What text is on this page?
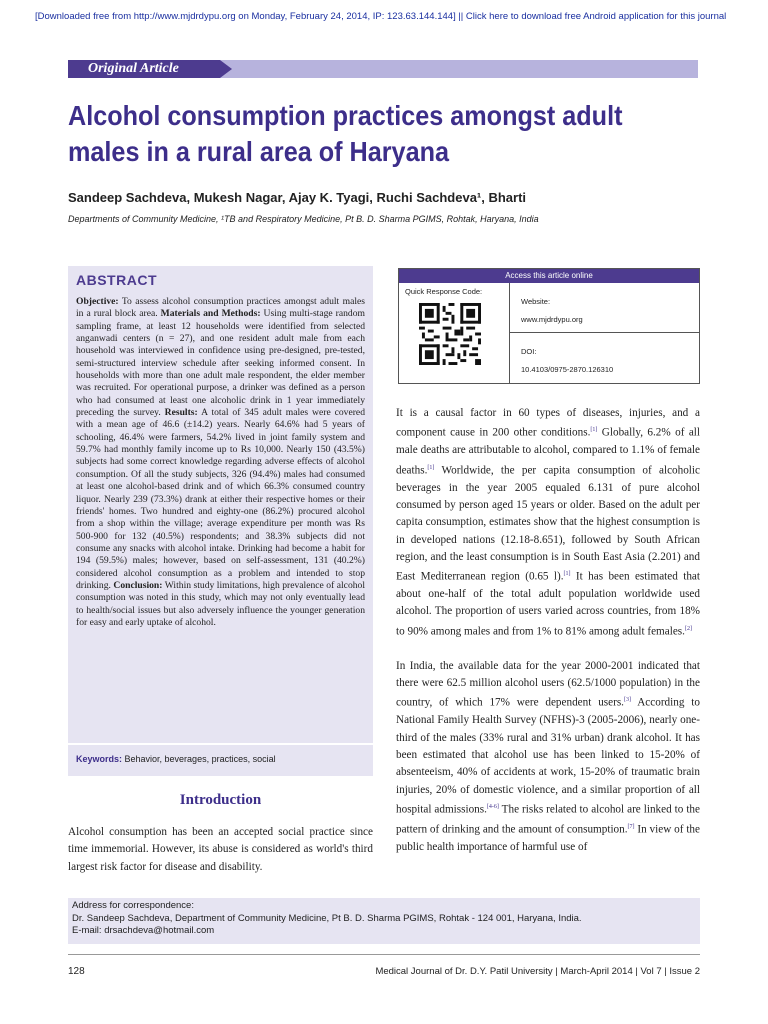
[Downloaded free from http://www.mjdrdypu.org on Monday, February 24, 2014, IP: 123.63.144.144] || Click here to download free Android application for this journal
Original Article
Alcohol consumption practices amongst adult males in a rural area of Haryana
Sandeep Sachdeva, Mukesh Nagar, Ajay K. Tyagi, Ruchi Sachdeva¹, Bharti
Departments of Community Medicine, ¹TB and Respiratory Medicine, Pt B. D. Sharma PGIMS, Rohtak, Haryana, India
ABSTRACT
Objective: To assess alcohol consumption practices amongst adult males in a rural block area. Materials and Methods: Using multi-stage random sampling frame, at least 12 households were identified from selected anganwadi centers (n = 27), and one resident adult male from each household was interviewed in confidence using pre-designed, pre-tested, semi-structured interview schedule after seeking informed consent. In households with more than one adult male respondent, the elder member was recruited. For operational purpose, a drinker was defined as a person who had consumed at least one alcoholic drink in 1 year immediately preceding the survey. Results: A total of 345 adult males were covered with a mean age of 46.6 (±14.2) years. Nearly 64.6% had 5 years of schooling, 46.4% were farmers, 54.2% lived in joint family system and 59.7% had monthly family income up to Rs 10,000. Nearly 150 (43.5%) subjects had some correct knowledge regarding adverse effects of alcohol consumption. Of all the study subjects, 326 (94.4%) males had consumed at least one alcohol-based drink and of which 66.3% consumed country liquor. Nearly 239 (73.3%) drank at either their respective homes or their friends' homes. Two hundred and eighty-one (86.2%) procured alcohol from a shop within the village; average expenditure per month was Rs 500-900 for 132 (40.5%) respondents; and 38.3% subjects did not consume any snacks with alcohol intake. Drinking had become a habit for 194 (59.5%) males; however, based on self-assessment, 131 (40.2%) considered alcohol consumption as a problem and intended to stop drinking. Conclusion: Within study limitations, high prevalence of alcohol consumption was noted in this study, which may not only eventually lead to health/social issues but also adversely influence the younger generation for easy and early uptake of alcohol.
Keywords: Behavior, beverages, practices, social
Access this article online
Quick Response Code:
Website:
www.mjdrdypu.org
DOI:
10.4103/0975-2870.126310

It is a causal factor in 60 types of diseases, injuries, and a component cause in 200 other conditions.[1] Globally, 6.2% of all male deaths are attributable to alcohol, compared to 1.1% of female deaths.[1] Worldwide, the per capita consumption of alcoholic beverages in the year 2005 equaled 6.131 of pure alcohol consumed by person aged 15 years or older. Based on the adult per capita consumption, estimates show that the highest consumption is in developed nations (12.18-8.651), followed by South African region, and the least consumption is in South East Asia (2.201) and East Mediterranean region (0.65 l).[1] It has been estimated that about one-half of the total adult population worldwide used alcohol. The proportion of users varied across countries, from 18% to 90% among males and from 1% to 81% among adult females.[2]

In India, the available data for the year 2000-2001 indicated that there were 62.5 million alcohol users (62.5/1000 population) in the country, of which 17% were dependent users.[3] According to National Family Health Survey (NFHS)-3 (2005-2006), nearly one-third of the males (33% rural and 31% urban) drank alcohol. It has been estimated that alcohol use has been linked to 15-20% of absenteeism, 40% of accidents at work, 15-20% of traumatic brain injuries, 20% of domestic violence, and a similar proportion of all hospital admissions.[4-6] The risks related to alcohol are linked to the pattern of drinking and the amount of consumption.[7] In view of the public health importance of harmful use of

Introduction

Alcohol consumption has been an accepted social practice since time immemorial. However, its abuse is considered as world's third largest risk factor for disease and disability.

Address for correspondence:
Dr. Sandeep Sachdeva, Department of Community Medicine, Pt B. D. Sharma PGIMS, Rohtak - 124 001, Haryana, India.
E-mail: drsachdeva@hotmail.com
128	Medical Journal of Dr. D.Y. Patil University | March-April 2014 | Vol 7 | Issue 2
